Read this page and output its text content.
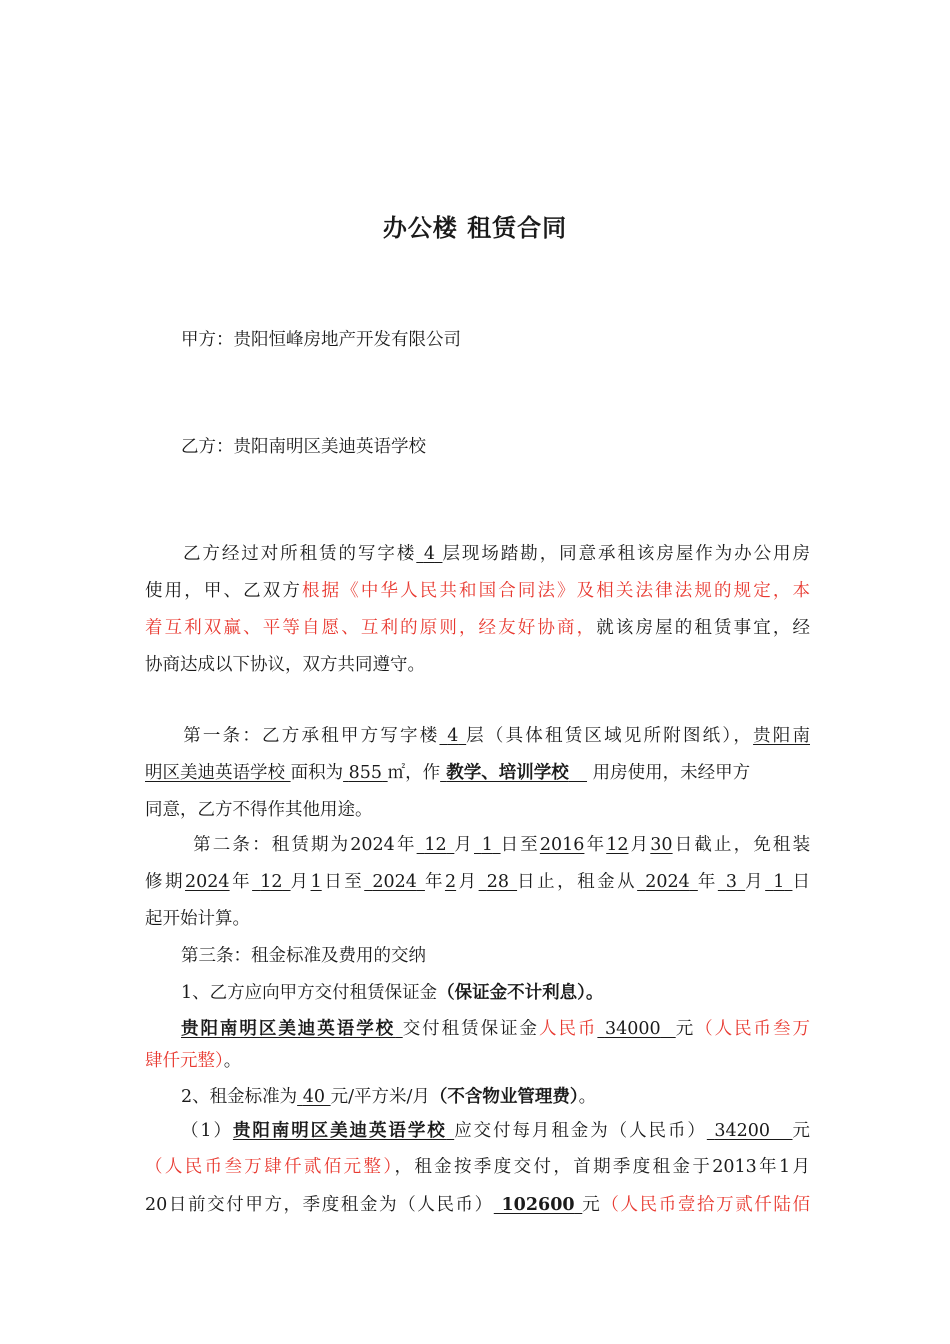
办公楼 租赁合同
甲方：贵阳恒峰房地产开发有限公司
乙方：贵阳南明区美迪英语学校
乙方经过对所租赁的写字楼 4 层现场踏勘，同意承租该房屋作为办公用房
使用，甲、乙双方根据《中华人民共和国合同法》及相关法律法规的规定，本
着互利双赢、平等自愿、互利的原则，经友好协商，就该房屋的租赁事宜，经
协商达成以下协议，双方共同遵守。
第一条：乙方承租甲方写字楼 4 层（具体租赁区域见所附图纸），贵阳南
明区美迪英语学校 面积为 855 ㎡，作 教学、培训学校 用房使用，未经甲方
同意，乙方不得作其他用途。
第二条：租赁期为2024年 12 月 1 日至2016年12月30日截止，免租装
修期2024年 12 月1日至 2024 年2月 28 日止，租金从 2024 年 3 月 1 日
起开始计算。
第三条：租金标准及费用的交纳
1、乙方应向甲方交付租赁保证金（保证金不计利息）。
贵阳南明区美迪英语学校 交付租赁保证金人民币 34000 元（人民币叁万
肆仟元整）。
2、租金标准为 40 元/平方米/月（不含物业管理费）。
（1）贵阳南明区美迪英语学校 应交付每月租金为（人民币） 34200 元
（人民币叁万肆仟贰佰元整），租金按季度交付，首期季度租金于2013年1月
20日前交付甲方，季度租金为（人民币） 102600 元（人民币壹拾万贰仟陆佰
